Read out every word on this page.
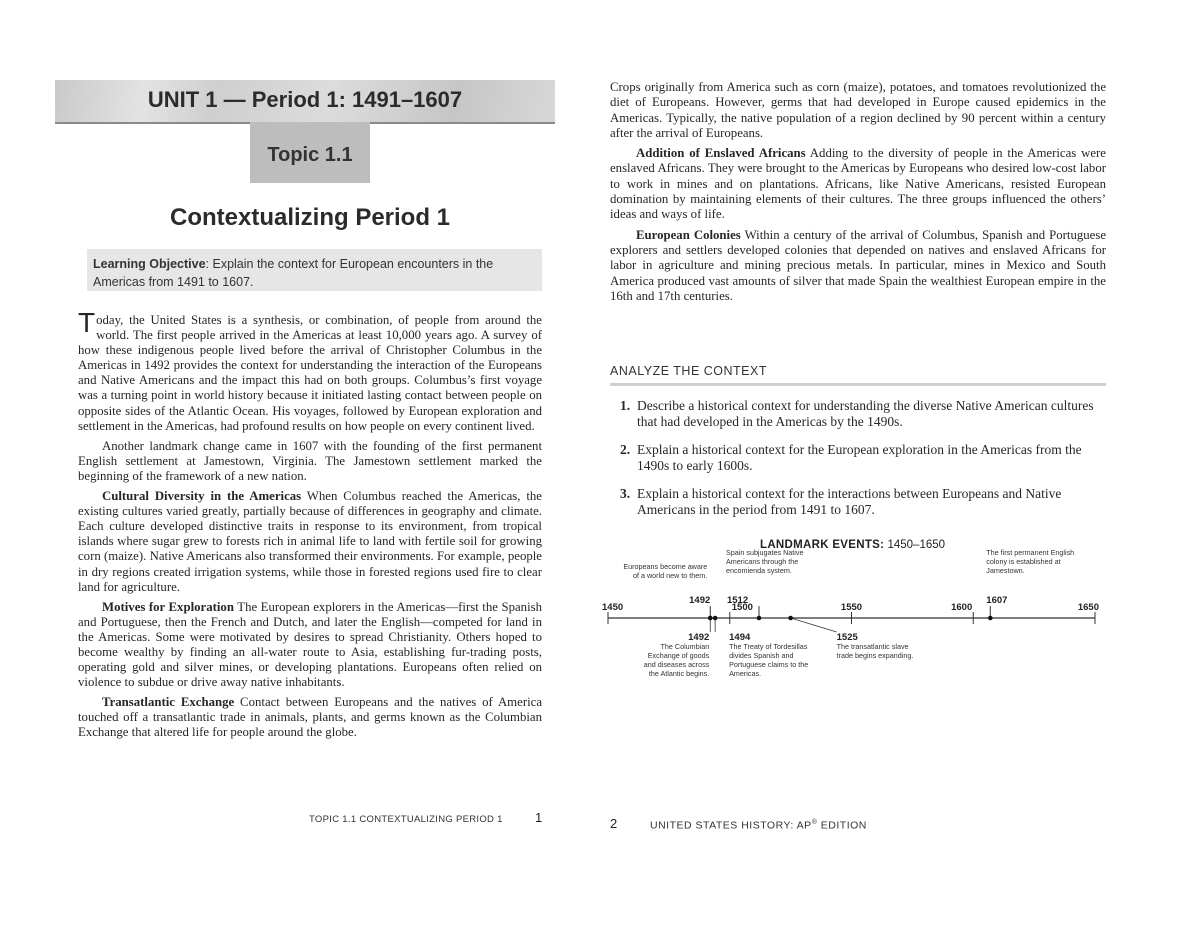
UNIT 1 — Period 1: 1491–1607
Topic 1.1
Contextualizing Period 1
Learning Objective: Explain the context for European encounters in the Americas from 1491 to 1607.

Today, the United States is a synthesis, or combination, of people from around the world. The first people arrived in the Americas at least 10,000 years ago. A survey of how these indigenous people lived before the arrival of Christopher Columbus in the Americas in 1492 provides the context for understanding the interaction of the Europeans and Native Americans and the impact this had on both groups. Columbus’s first voyage was a turning point in world history because it initiated lasting contact between people on opposite sides of the Atlantic Ocean. His voyages, followed by European exploration and settlement in the Americas, had profound results on how people on every continent lived.

Another landmark change came in 1607 with the founding of the first permanent English settlement at Jamestown, Virginia. The Jamestown settlement marked the beginning of the framework of a new nation.

Cultural Diversity in the Americas When Columbus reached the Americas, the existing cultures varied greatly, partially because of differences in geography and climate. Each culture developed distinctive traits in response to its environment, from tropical islands where sugar grew to forests rich in animal life to land with fertile soil for growing corn (maize). Native Americans also transformed their environments. For example, people in dry regions created irrigation systems, while those in forested regions used fire to clear land for agriculture.

Motives for Exploration The European explorers in the Americas—first the Spanish and Portuguese, then the French and Dutch, and later the English—competed for land in the Americas. Some were motivated by desires to spread Christianity. Others hoped to become wealthy by finding an all-water route to Asia, establishing fur-trading posts, operating gold and silver mines, or developing plantations. Europeans often relied on violence to subdue or drive away native inhabitants.

Transatlantic Exchange Contact between Europeans and the natives of America touched off a transatlantic trade in animals, plants, and germs known as the Columbian Exchange that altered life for people around the globe.

TOPIC 1.1 CONTEXTUALIZING PERIOD 1 1

Crops originally from America such as corn (maize), potatoes, and tomatoes revolutionized the diet of Europeans. However, germs that had developed in Europe caused epidemics in the Americas. Typically, the native population of a region declined by 90 percent within a century after the arrival of Europeans.

Addition of Enslaved Africans Adding to the diversity of people in the Americas were enslaved Africans. They were brought to the Americas by Europeans who desired low-cost labor to work in mines and on plantations. Africans, like Native Americans, resisted European domination by maintaining elements of their cultures. The three groups influenced the others’ ideas and ways of life.

European Colonies Within a century of the arrival of Columbus, Spanish and Portuguese explorers and settlers developed colonies that depended on natives and enslaved Africans for labor in agriculture and mining precious metals. In particular, mines in Mexico and South America produced vast amounts of silver that made Spain the wealthiest European empire in the 16th and 17th centuries.

ANALYZE THE CONTEXT
1. Describe a historical context for understanding the diverse Native American cultures that had developed in the Americas by the 1490s.
2. Explain a historical context for the European exploration in the Americas from the 1490s to early 1600s.
3. Explain a historical context for the interactions between Europeans and Native Americans in the period from 1491 to 1607.
LANDMARK EVENTS: 1450–1650
1450	1500	1550	1600	1650
1492
Europeans become aware
of a world new to them.
1512
Spain subjugates Native
Americans through the
encomienda system.
1607
The first permanent English
colony is established at
Jamestown.
1492
The Columbian
Exchange of goods
and diseases across
the Atlantic begins.
1494
The Treaty of Tordesillas
divides Spanish and
Portuguese claims to the
Americas.
1525
The transatlantic slave
trade begins expanding.
2	UNITED STATES HISTORY: AP® EDITION
